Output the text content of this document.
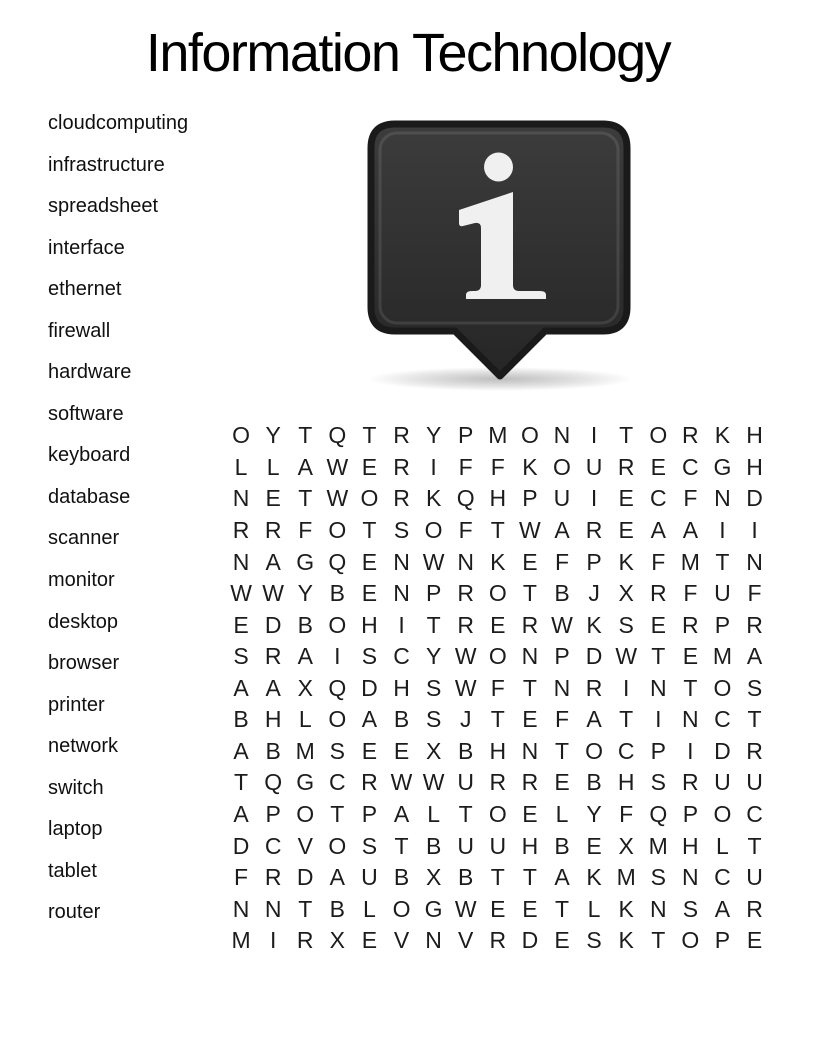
Information Technology
cloudcomputing
infrastructure
spreadsheet
interface
ethernet
firewall
hardware
software
keyboard
database
scanner
monitor
desktop
browser
printer
network
switch
laptop
tablet
router
O Y T Q T R Y P M O N I T O R K H
L L A W E R I F F K O U R E C G H
N E T W O R K Q H P U I E C F N D
R R F O T S O F T W A R E A A I	I
N A G Q E N W N K E F P K F M T N
W W Y B E N P R O T B J X R F U F
E D B O H I T R E R W K S E R P R
S R A I S C Y W O N P D W T E M A
A A X Q D H S W F T N R I N T O S
B H L O A B S J T E F A T I N C T
A B M S E E X B H N T O C P I D R
T Q G C R W W U R R E B H S R U U
A P O T P A L T O E L Y F Q P O C
D C V O S T B U U H B E X M H L T
F R D A U B X B T T A K M S N C U
N N T B L O G W E E T L K N S A R
M I R X E V N V R D E S K T O P E
